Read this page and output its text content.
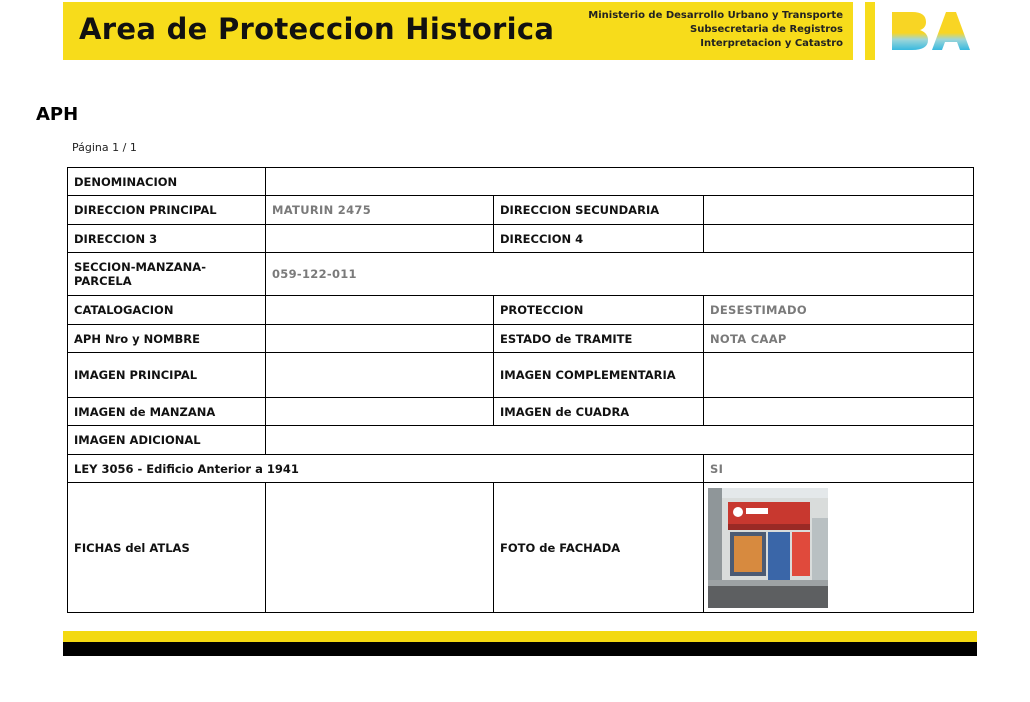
Area de Proteccion Historica	Ministerio de Desarrollo Urbano y Transporte
Subsecretaria de Registros
Interpretacion y Catastro
APH
Página 1 / 1
DENOMINACION			
DIRECCION PRINCIPAL	MATURIN 2475	DIRECCION SECUNDARIA	
DIRECCION 3		DIRECCION 4	
SECCION-MANZANA-PARCELA	059-122-011		
CATALOGACION		PROTECCION	DESESTIMADO
APH Nro y NOMBRE		ESTADO de TRAMITE	NOTA CAAP
IMAGEN PRINCIPAL		IMAGEN COMPLEMENTARIA	
IMAGEN de MANZANA		IMAGEN de CUADRA	
IMAGEN ADICIONAL			
LEY 3056 - Edificio Anterior a 1941			SI
FICHAS del ATLAS		FOTO de FACHADA	
